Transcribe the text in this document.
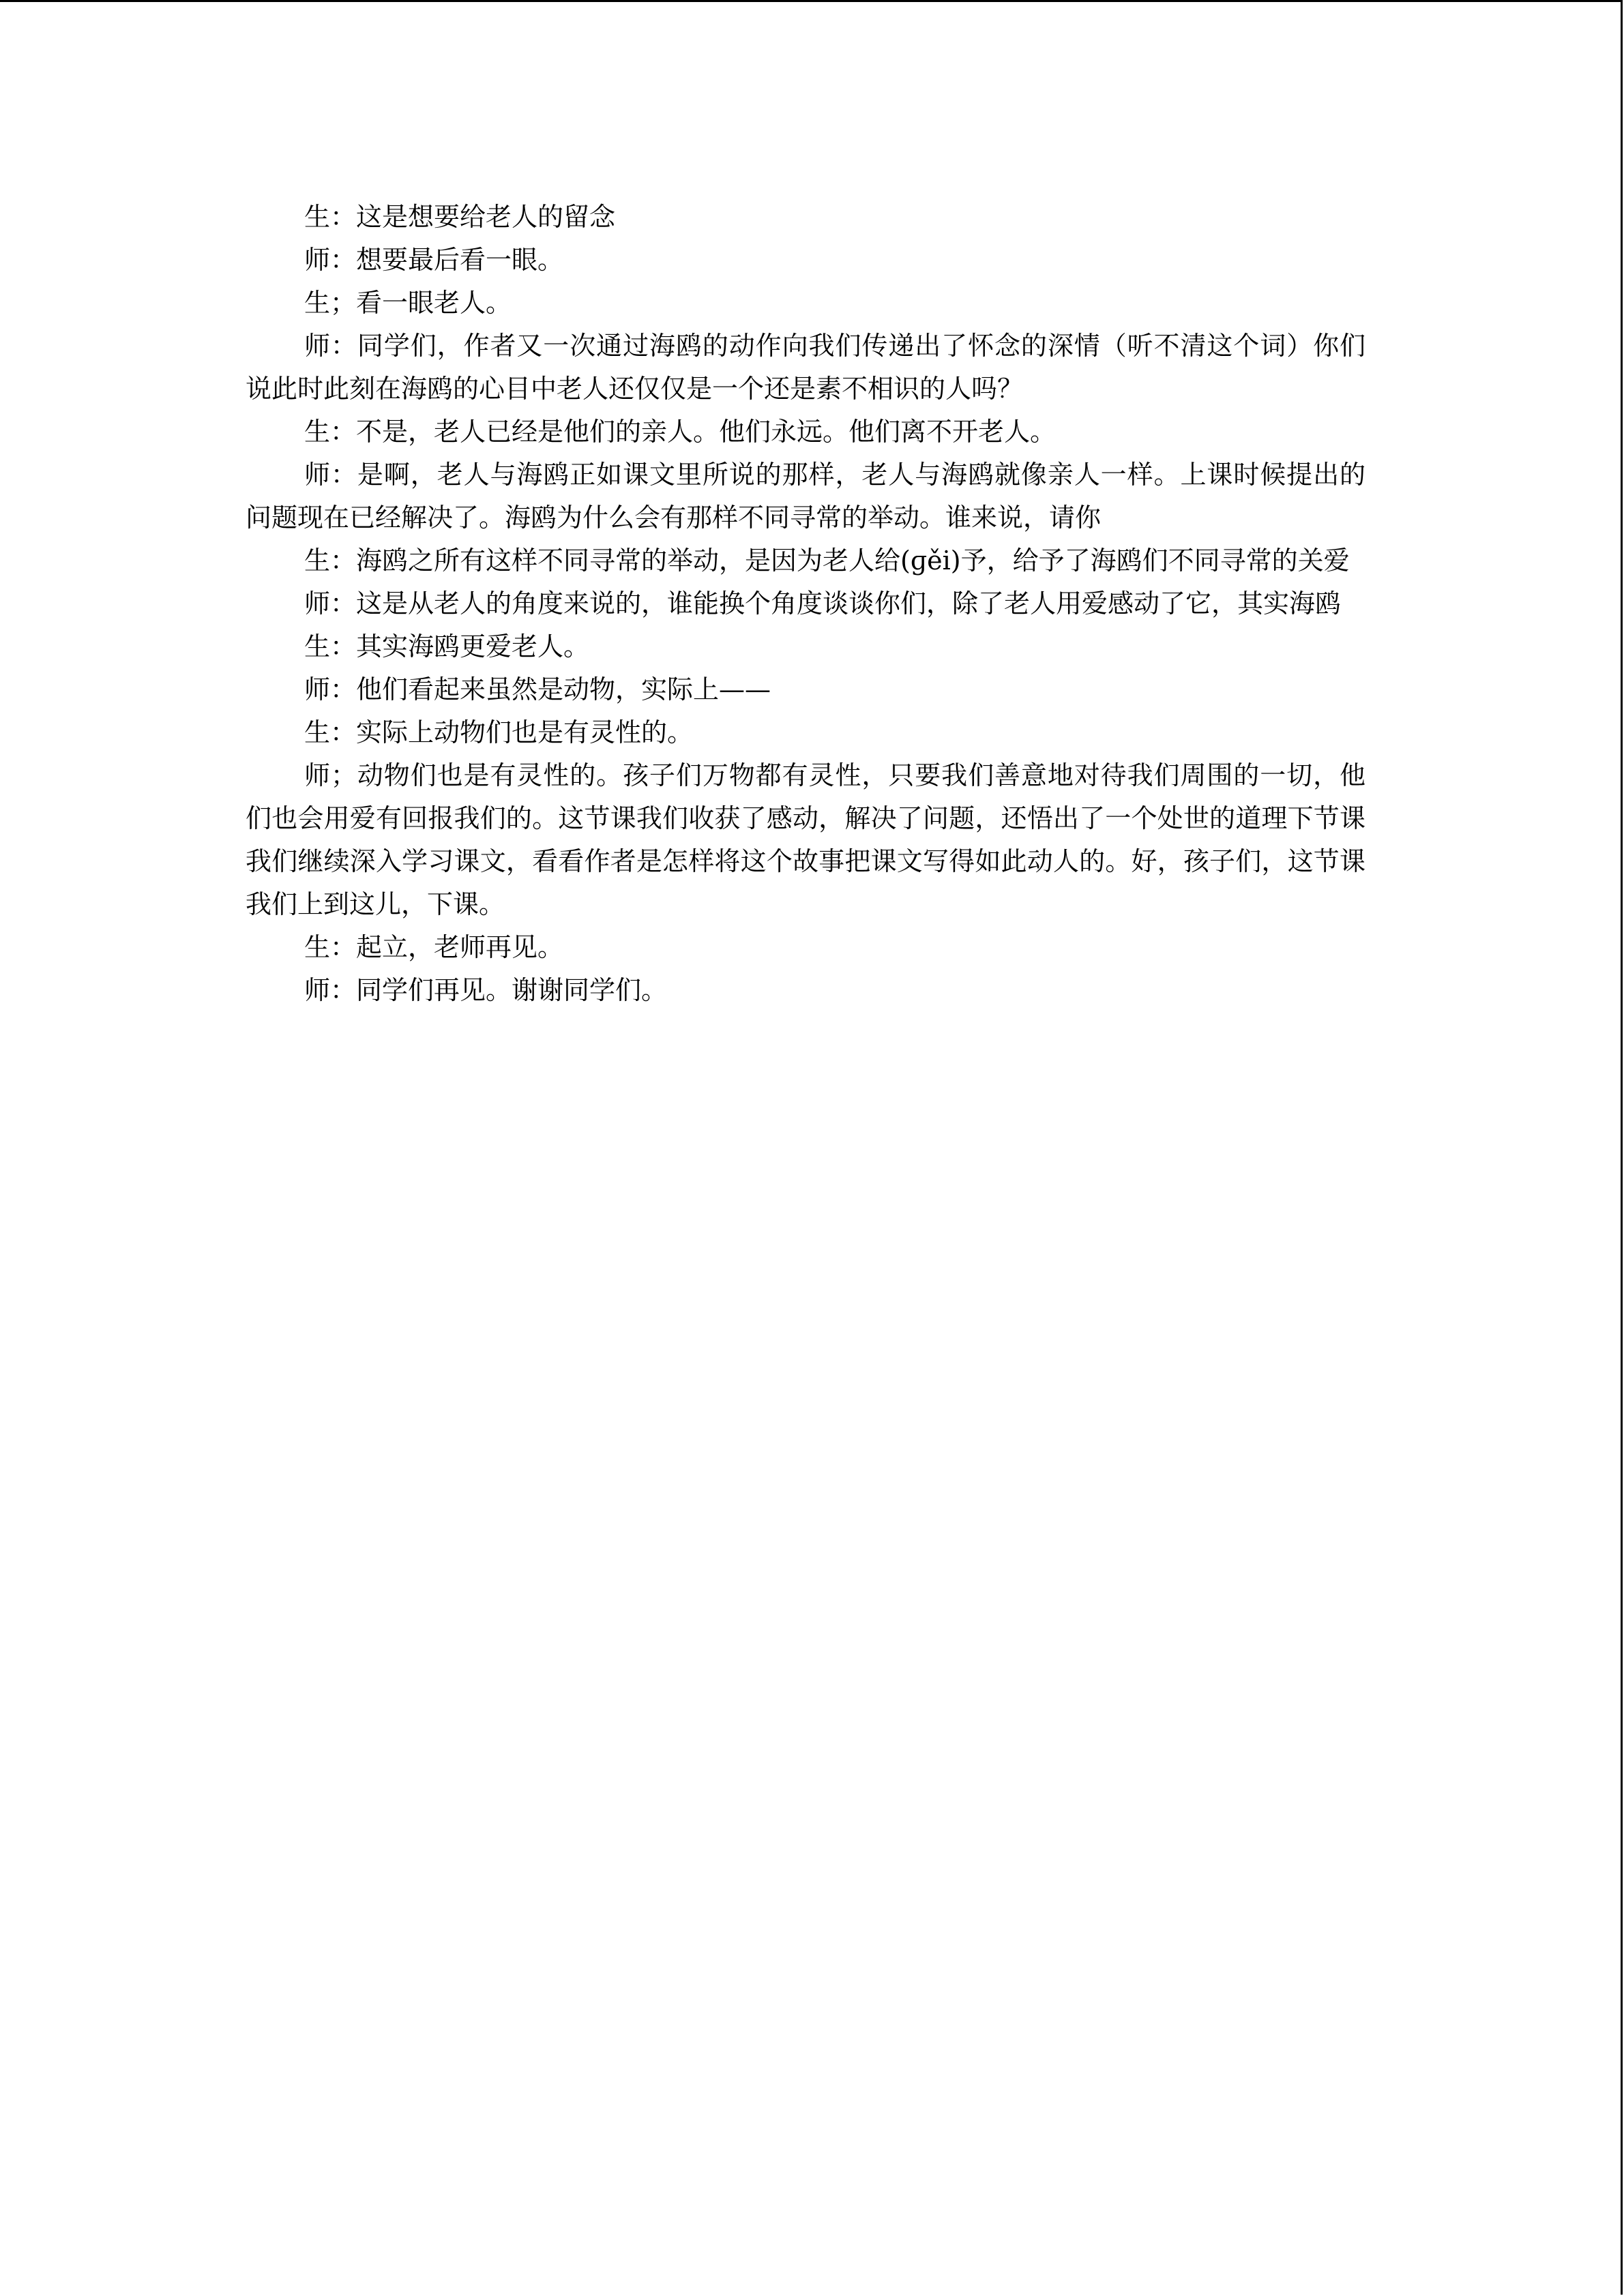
生：这是想要给老人的留念

师：想要最后看一眼。

生；看一眼老人。

师：同学们，作者又一次通过海鸥的动作向我们传递出了怀念的深情（听不清这个词）你们说此时此刻在海鸥的心目中老人还仅仅是一个还是素不相识的人吗？

生：不是，老人已经是他们的亲人。他们永远。他们离不开老人。

师：是啊，老人与海鸥正如课文里所说的那样，老人与海鸥就像亲人一样。上课时候提出的问题现在已经解决了。海鸥为什么会有那样不同寻常的举动。谁来说，请你

生：海鸥之所有这样不同寻常的举动，是因为老人给(ɡěi)予，给予了海鸥们不同寻常的关爱

师：这是从老人的角度来说的，谁能换个角度谈谈你们，除了老人用爱感动了它，其实海鸥

生：其实海鸥更爱老人。

师：他们看起来虽然是动物，实际上——

生：实际上动物们也是有灵性的。

师；动物们也是有灵性的。孩子们万物都有灵性，只要我们善意地对待我们周围的一切，他们也会用爱有回报我们的。这节课我们收获了感动，解决了问题，还悟出了一个处世的道理下节课我们继续深入学习课文，看看作者是怎样将这个故事把课文写得如此动人的。好，孩子们，这节课我们上到这儿，下课。

生：起立，老师再见。

师：同学们再见。谢谢同学们。
